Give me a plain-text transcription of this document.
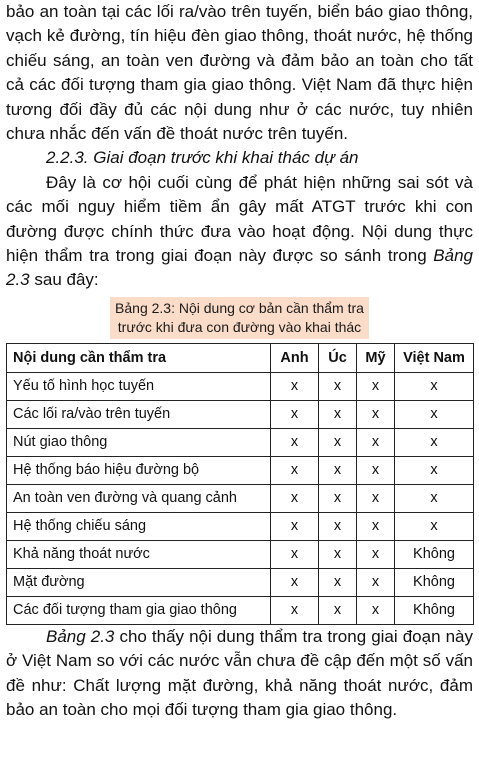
bảo an toàn tại các lối ra/vào trên tuyến, biển báo giao thông, vạch kẻ đường, tín hiệu đèn giao thông, thoát nước, hệ thống chiếu sáng, an toàn ven đường và đảm bảo an toàn cho tất cả các đối tượng tham gia giao thông. Việt Nam đã thực hiện tương đối đầy đủ các nội dung như ở các nước, tuy nhiên chưa nhắc đến vấn đề thoát nước trên tuyến.

2.2.3. Giai đoạn trước khi khai thác dự án

Đây là cơ hội cuối cùng để phát hiện những sai sót và các mối nguy hiểm tiềm ẩn gây mất ATGT trước khi con đường được chính thức đưa vào hoạt động. Nội dung thực hiện thẩm tra trong giai đoạn này được so sánh trong Bảng 2.3 sau đây:

Bảng 2.3: Nội dung cơ bản cần thẩm tra
trước khi đưa con đường vào khai thác
Nội dung cần thẩm tra	Anh	Úc	Mỹ	Việt Nam
Yếu tố hình học tuyến	x	x	x	x
Các lối ra/vào trên tuyến	x	x	x	x
Nút giao thông	x	x	x	x
Hệ thống báo hiệu đường bộ	x	x	x	x
An toàn ven đường và quang cảnh	x	x	x	x
Hệ thống chiếu sáng	x	x	x	x
Khả năng thoát nước	x	x	x	Không
Mặt đường	x	x	x	Không
Các đối tượng tham gia giao thông	x	x	x	Không

Bảng 2.3 cho thấy nội dung thẩm tra trong giai đoạn này ở Việt Nam so với các nước vẫn chưa đề cập đến một số vấn đề như: Chất lượng mặt đường, khả năng thoát nước, đảm bảo an toàn cho mọi đối tượng tham gia giao thông.
